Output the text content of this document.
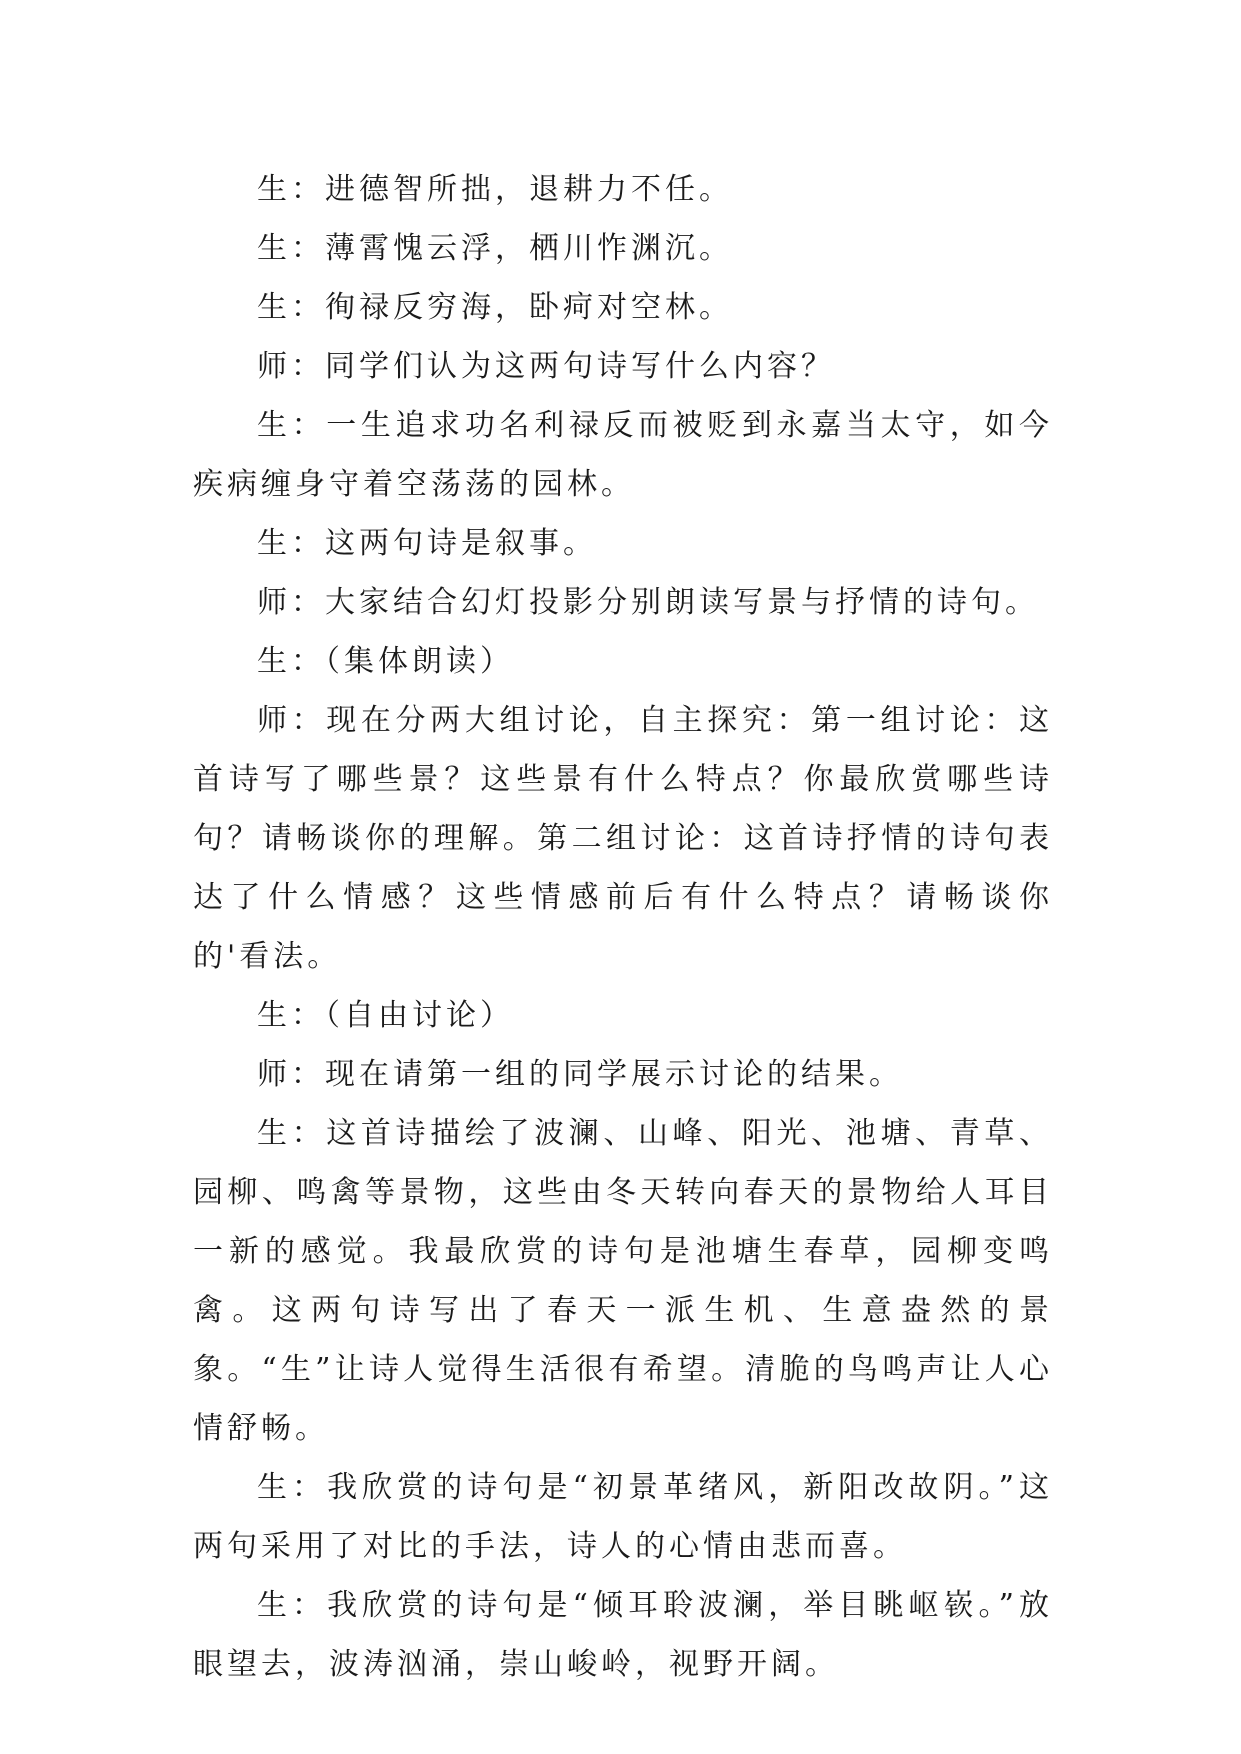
生：进德智所拙，退耕力不任。

生：薄霄愧云浮，栖川怍渊沉。

生：徇禄反穷海，卧疴对空林。

师：同学们认为这两句诗写什么内容？

生：一生追求功名利禄反而被贬到永嘉当太守，如今疾病缠身守着空荡荡的园林。

生：这两句诗是叙事。

师：大家结合幻灯投影分别朗读写景与抒情的诗句。

生：（集体朗读）

师：现在分两大组讨论，自主探究：第一组讨论：这首诗写了哪些景？这些景有什么特点？你最欣赏哪些诗句？请畅谈你的理解。第二组讨论：这首诗抒情的诗句表达了什么情感？这些情感前后有什么特点？请畅谈你的'看法。

生：（自由讨论）

师：现在请第一组的同学展示讨论的结果。

生：这首诗描绘了波澜、山峰、阳光、池塘、青草、园柳、鸣禽等景物，这些由冬天转向春天的景物给人耳目一新的感觉。我最欣赏的诗句是池塘生春草，园柳变鸣禽。这两句诗写出了春天一派生机、生意盎然的景象。“生”让诗人觉得生活很有希望。清脆的鸟鸣声让人心情舒畅。

生：我欣赏的诗句是“初景革绪风，新阳改故阴。”这两句采用了对比的手法，诗人的心情由悲而喜。

生：我欣赏的诗句是“倾耳聆波澜，举目眺岖嵚。”放眼望去，波涛汹涌，崇山峻岭，视野开阔。
